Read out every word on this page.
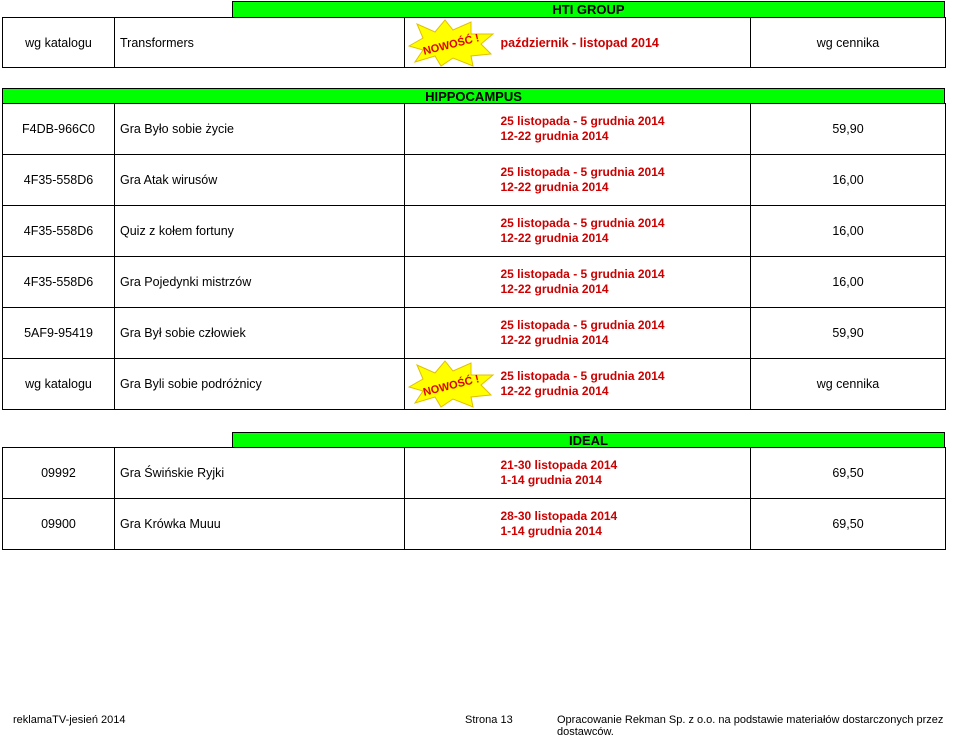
HTI GROUP
wg katalogu	Transformers	NOWOŚĆ !	październik - listopad 2014	wg cennika
HIPPOCAMPUS
F4DB-966C0	Gra Było sobie życie		25 listopada - 5 grudnia 2014
12-22 grudnia 2014	59,90
4F35-558D6	Gra Atak wirusów		25 listopada - 5 grudnia 2014
12-22 grudnia 2014	16,00
4F35-558D6	Quiz z kołem fortuny		25 listopada - 5 grudnia 2014
12-22 grudnia 2014	16,00
4F35-558D6	Gra Pojedynki mistrzów		25 listopada - 5 grudnia 2014
12-22 grudnia 2014	16,00
5AF9-95419	Gra Był sobie człowiek		25 listopada - 5 grudnia 2014
12-22 grudnia 2014	59,90
wg katalogu	Gra Byli sobie podróżnicy	NOWOŚĆ !	25 listopada - 5 grudnia 2014
12-22 grudnia 2014	wg cennika
IDEAL
09992	Gra Świńskie Ryjki		21-30 listopada 2014
1-14 grudnia 2014	69,50
09900	Gra Krówka Muuu		28-30 listopada 2014
1-14 grudnia 2014	69,50
reklamaTV-jesień 2014	Strona 13	Opracowanie Rekman Sp. z o.o. na podstawie materiałów dostarczonych przez dostawców.
